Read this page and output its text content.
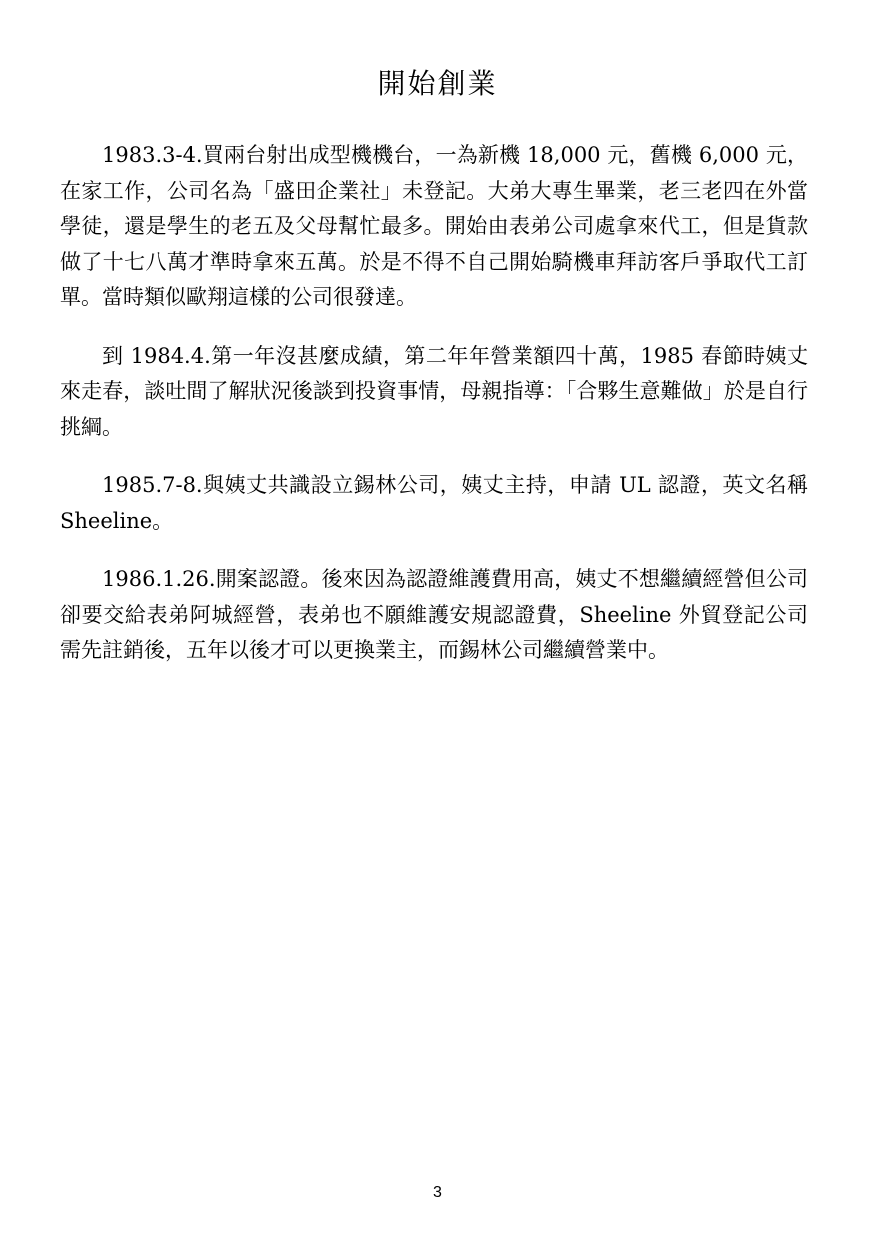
開始創業

1983.3-4.買兩台射出成型機機台，一為新機 18,000 元，舊機 6,000 元，在家工作，公司名為「盛田企業社」未登記。大弟大專生畢業，老三老四在外當學徒，還是學生的老五及父母幫忙最多。開始由表弟公司處拿來代工，但是貨款做了十七八萬才準時拿來五萬。於是不得不自己開始騎機車拜訪客戶爭取代工訂單。當時類似歐翔這樣的公司很發達。

到 1984.4.第一年沒甚麼成績，第二年年營業額四十萬，1985 春節時姨丈來走春，談吐間了解狀況後談到投資事情，母親指導：「合夥生意難做」於是自行挑綱。

1985.7-8.與姨丈共識設立錫林公司，姨丈主持，申請 UL 認證，英文名稱 Sheeline。

1986.1.26.開案認證。後來因為認證維護費用高，姨丈不想繼續經營但公司卻要交給表弟阿城經營，表弟也不願維護安規認證費，Sheeline 外貿登記公司需先註銷後，五年以後才可以更換業主，而錫林公司繼續營業中。

3
